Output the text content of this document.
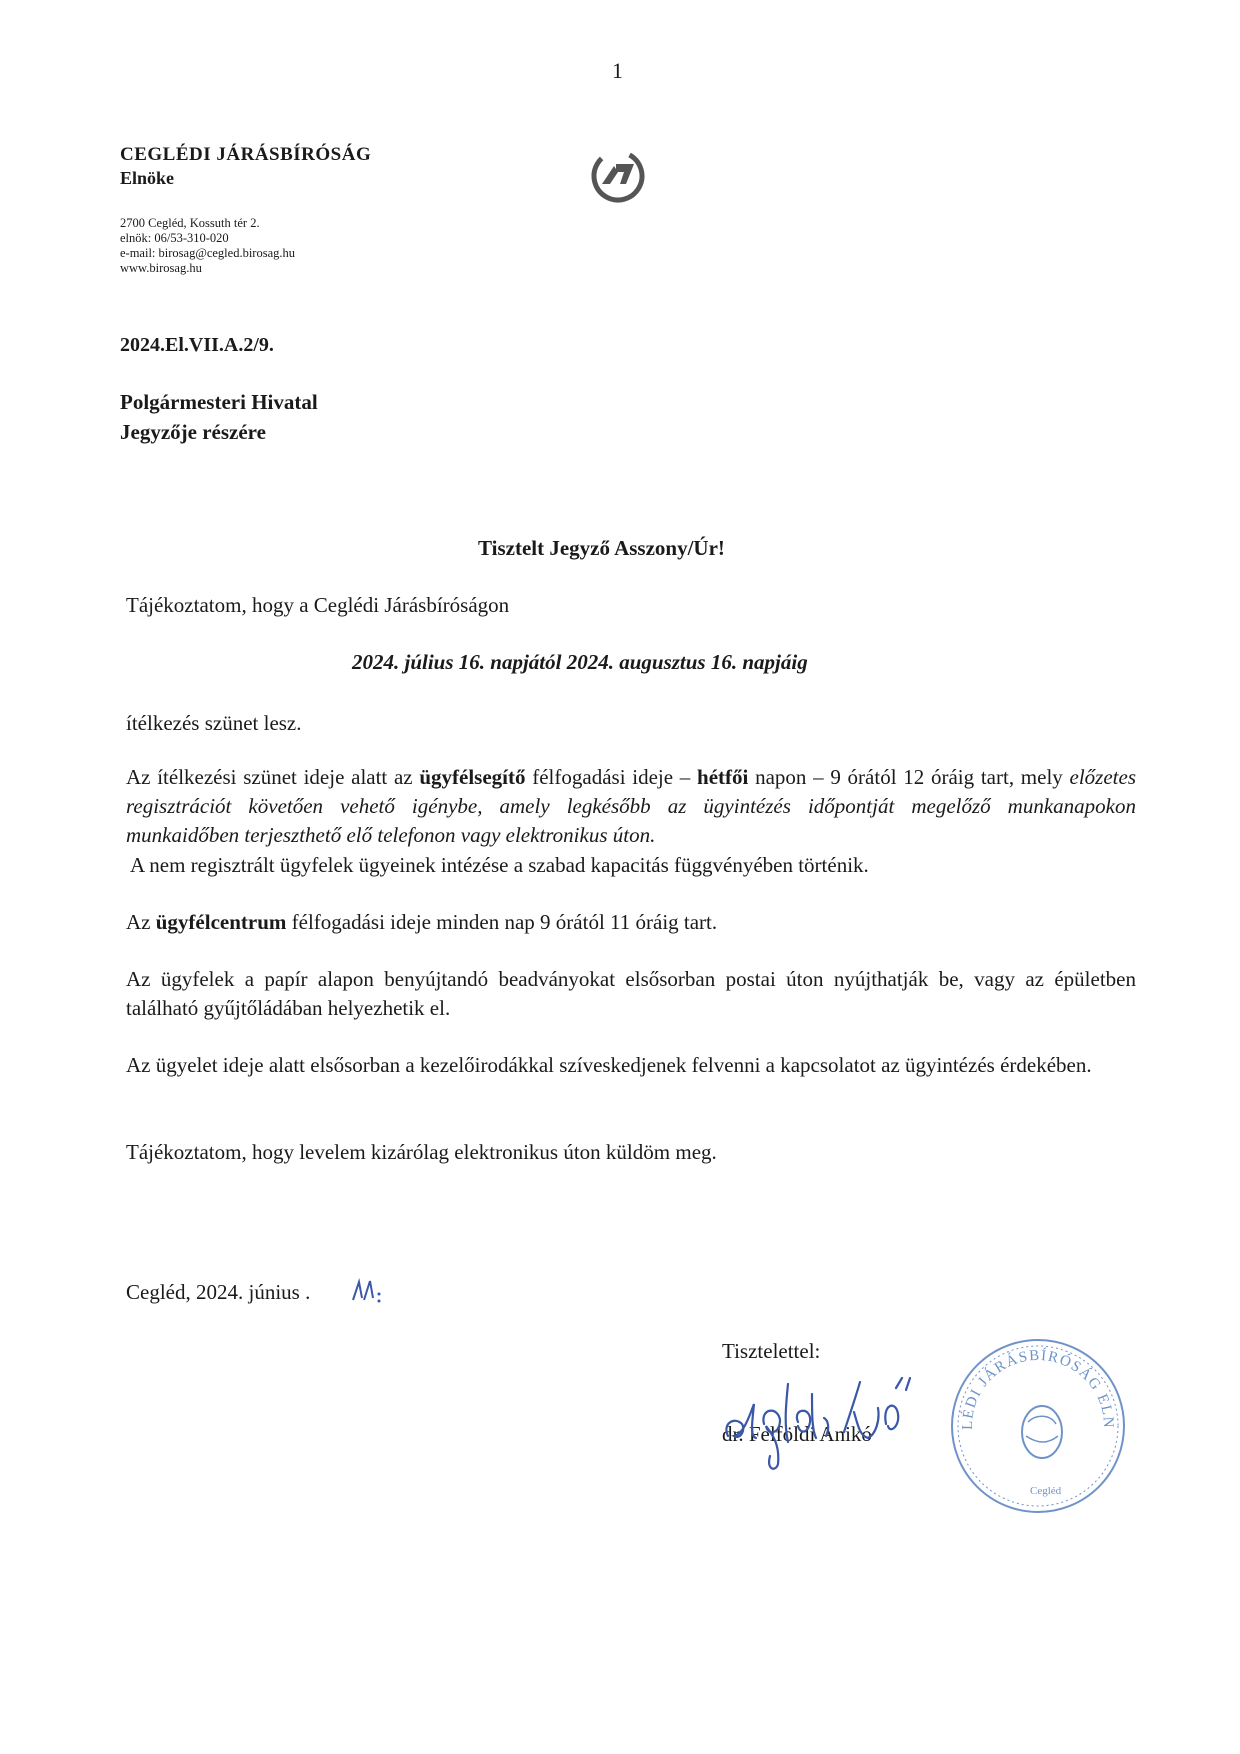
1
CEGLÉDI JÁRÁSBÍRÓSÁG
Elnöke
2700 Cegléd, Kossuth tér 2.
elnök: 06/53-310-020
e-mail: birosag@cegled.birosag.hu
www.birosag.hu
2024.El.VII.A.2/9.
Polgármesteri Hivatal
Jegyzője részére
Tisztelt Jegyző Asszony/Úr!
Tájékoztatom, hogy a Ceglédi Járásbíróságon
2024. július 16. napjától 2024. augusztus 16. napjáig
ítélkezés szünet lesz.
Az ítélkezési szünet ideje alatt az ügyfélsegítő félfogadási ideje – hétfői napon – 9 órától 12 óráig tart, mely előzetes regisztrációt követően vehető igénybe, amely legkésőbb az ügyintézés időpontját megelőző munkanapokon munkaidőben terjeszthető elő telefonon vagy elektronikus úton.
A nem regisztrált ügyfelek ügyeinek intézése a szabad kapacitás függvényében történik.
Az ügyfélcentrum félfogadási ideje minden nap 9 órától 11 óráig tart.
Az ügyfelek a papír alapon benyújtandó beadványokat elsősorban postai úton nyújthatják be, vagy az épületben található gyűjtőládában helyezhetik el.
Az ügyelet ideje alatt elsősorban a kezelőirodákkal szíveskedjenek felvenni a kapcsolatot az ügyintézés érdekében.
Tájékoztatom, hogy levelem kizárólag elektronikus úton küldöm meg.
Cegléd, 2024. június .
Tisztelettel:
dr. Felföldi Anikó	LÉDI JÁRÁSBÍRÓSÁG ELN
Cegléd
